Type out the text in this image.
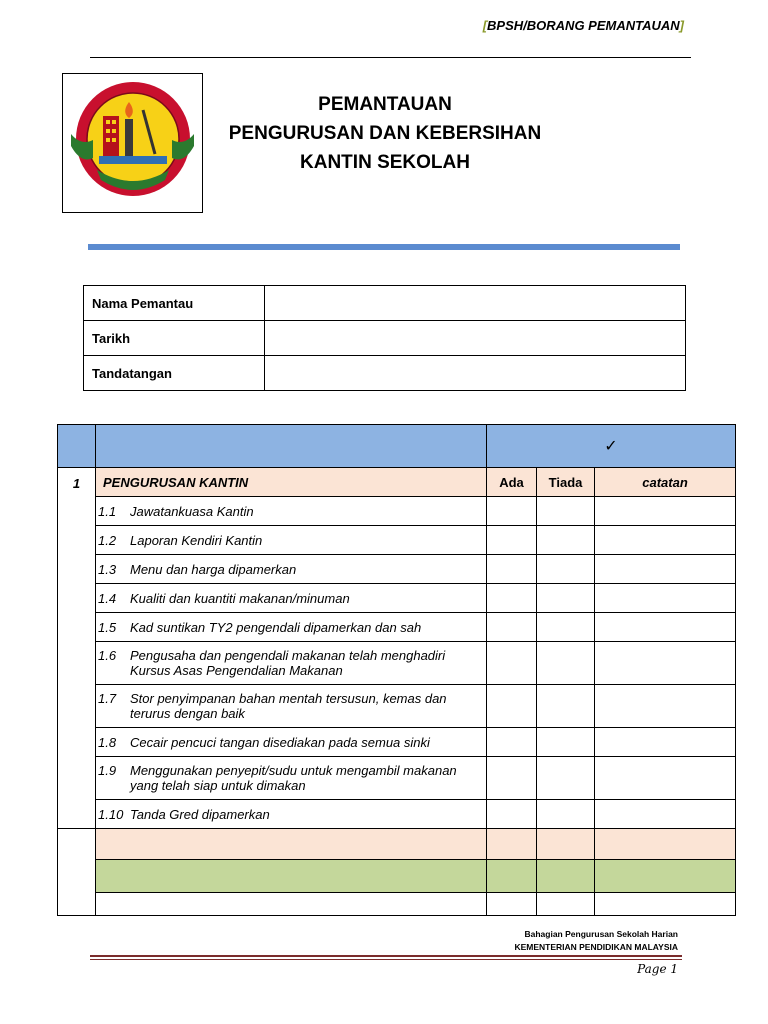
[BPSH/BORANG PEMANTAUAN]
PEMANTAUAN
PENGURUSAN DAN KEBERSIHAN
KANTIN SEKOLAH
Nama Pemantau	
Tarikh	
Tandatangan	
		✓		
1	PENGURUSAN KANTIN	Ada	Tiada	catatan
	1.1 Jawatankuasa Kantin			
	1.2 Laporan Kendiri Kantin			
	1.3 Menu dan harga dipamerkan			
	1.4 Kualiti dan kuantiti makanan/minuman			
	1.5 Kad suntikan TY2 pengendali dipamerkan dan sah			
	1.6 Pengusaha dan pengendali makanan telah menghadiri Kursus Asas Pengendalian Makanan			
	1.7 Stor penyimpanan bahan mentah tersusun, kemas dan terurus dengan baik			
	1.8 Cecair pencuci tangan disediakan pada semua sinki			
	1.9 Menggunakan penyepit/sudu untuk mengambil makanan yang telah siap untuk dimakan			
	1.10 Tanda Gred dipamerkan			

Bahagian Pengurusan Sekolah Harian
KEMENTERIAN PENDIDIKAN MALAYSIA
Page 1
